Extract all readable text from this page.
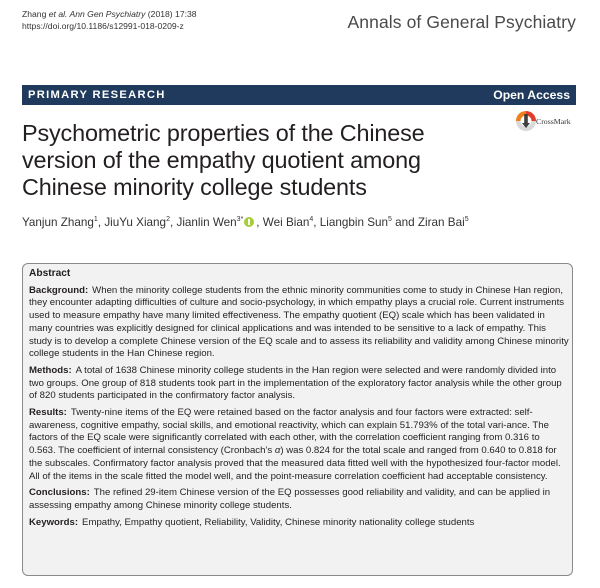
Zhang et al. Ann Gen Psychiatry (2018) 17:38
https://doi.org/10.1186/s12991-018-0209-z	Annals of General Psychiatry
PRIMARY RESEARCH	Open Access
Psychometric properties of the Chinese version of the empathy quotient among Chinese minority college students
CrossMark
Yanjun Zhang$^1$, JiuYu Xiang$^2$, Jianlin Wen$^{3*}$ , Wei Bian$^4$, Liangbin Sun$^5$ and Ziran Bai$^5$
Abstract

Background: When the minority college students from the ethnic minority communities come to study in Chinese Han region, they encounter adapting difficulties of culture and socio-psychology, in which empathy plays a crucial role. Current instruments used to measure empathy have many limited effectiveness. The empathy quotient (EQ) scale which has been validated in many countries was explicitly designed for clinical applications and was intended to be sensitive to a lack of empathy. This study is to develop a complete Chinese version of the EQ scale and to assess its reliability and validity among Chinese minority college students in the Han Chinese region.

Methods: A total of 1638 Chinese minority college students in the Han region were selected and were randomly divided into two groups. One group of 818 students took part in the implementation of the exploratory factor analysis while the other group of 820 students participated in the confirmatory factor analysis.

Results: Twenty-nine items of the EQ were retained based on the factor analysis and four factors were extracted: self-awareness, cognitive empathy, social skills, and emotional reactivity, which can explain 51.793% of the total vari-ance. The factors of the EQ scale were significantly correlated with each other, with the correlation coefficient ranging from 0.316 to 0.563. The coefficient of internal consistency (Cronbach’s α) was 0.824 for the total scale and ranged from 0.640 to 0.818 for the subscales. Confirmatory factor analysis proved that the measured data fitted well with the hypothesized four-factor model. All of the items in the scale fitted the model well, and the point-measure correlation coefficient had acceptable consistency.

Conclusions: The refined 29-item Chinese version of the EQ possesses good reliability and validity, and can be applied in assessing empathy among Chinese minority college students.

Keywords: Empathy, Empathy quotient, Reliability, Validity, Chinese minority nationality college students
